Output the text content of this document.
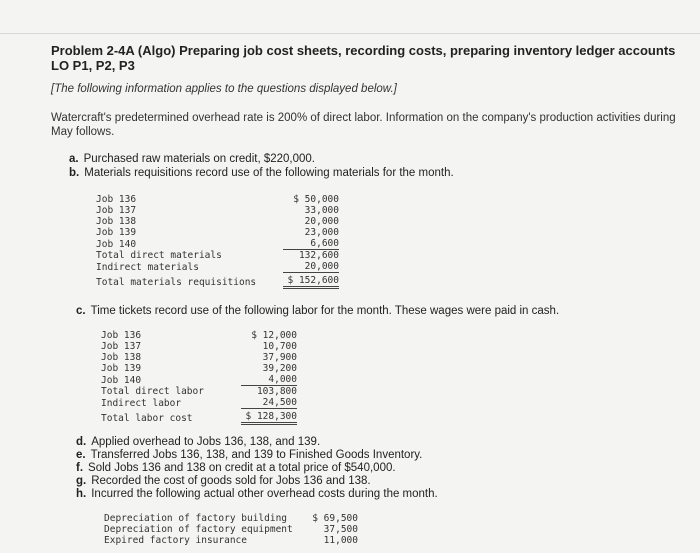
Problem 2-4A (Algo) Preparing job cost sheets, recording costs, preparing inventory ledger accounts LO P1, P2, P3
[The following information applies to the questions displayed below.]
Watercraft's predetermined overhead rate is 200% of direct labor. Information on the company's production activities during May follows.
a. Purchased raw materials on credit, $220,000.
b. Materials requisitions record use of the following materials for the month.
Job 136	$ 50,000
Job 137	33,000
Job 138	20,000
Job 139	23,000
Job 140	6,600
Total direct materials	132,600
Indirect materials	20,000
Total materials requisitions	$ 152,600
c. Time tickets record use of the following labor for the month. These wages were paid in cash.
Job 136	$ 12,000
Job 137	10,700
Job 138	37,900
Job 139	39,200
Job 140	4,000
Total direct labor	103,800
Indirect labor	24,500
Total labor cost	$ 128,300
d. Applied overhead to Jobs 136, 138, and 139.
e. Transferred Jobs 136, 138, and 139 to Finished Goods Inventory.
f. Sold Jobs 136 and 138 on credit at a total price of $540,000.
g. Recorded the cost of goods sold for Jobs 136 and 138.
h. Incurred the following actual other overhead costs during the month.
Depreciation of factory building	$ 69,500
Depreciation of factory equipment	37,500
Expired factory insurance	11,000
